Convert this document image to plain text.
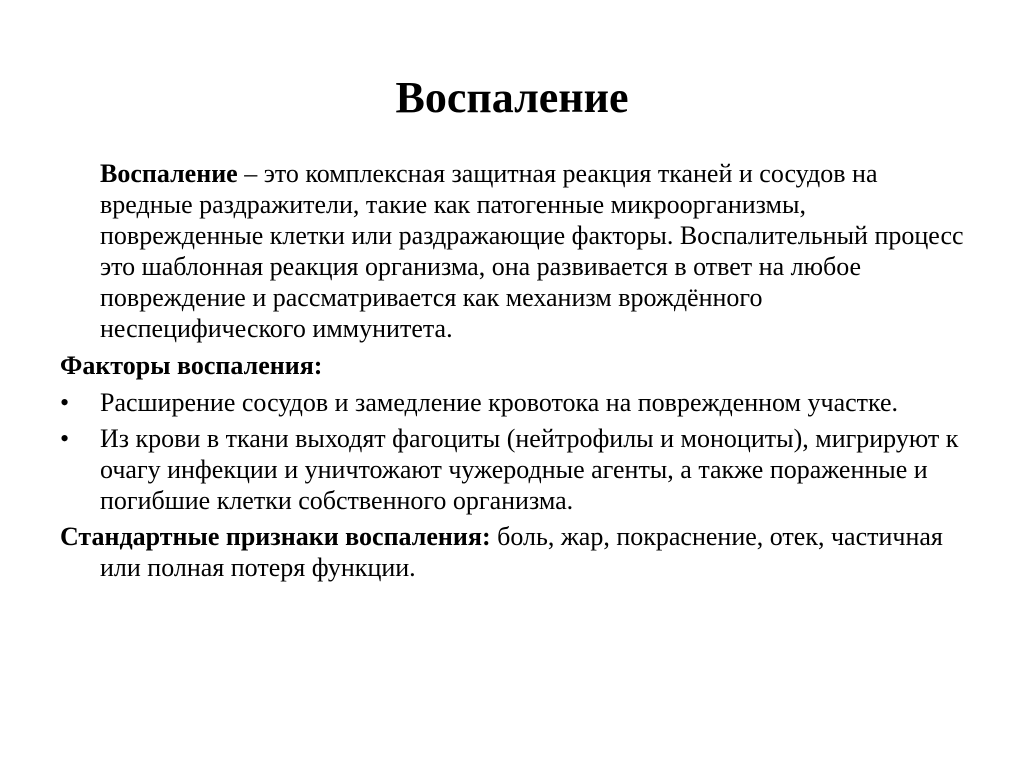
Воспаление

Воспаление – это комплексная защитная реакция тканей и сосудов на вредные раздражители, такие как патогенные микроорганизмы, поврежденные клетки или раздражающие факторы. Воспалительный процесс это шаблонная реакция организма, она развивается в ответ на любое повреждение и рассматривается как механизм врождённого неспецифического иммунитета.

Факторы воспаления:

• Расширение сосудов и замедление кровотока на поврежденном участке.
• Из крови в ткани выходят фагоциты (нейтрофилы и моноциты), мигрируют к очагу инфекции и уничтожают чужеродные агенты, а также пораженные и погибшие клетки собственного организма.

Стандартные признаки воспаления: боль, жар, покраснение, отек, частичная или полная потеря функции.
